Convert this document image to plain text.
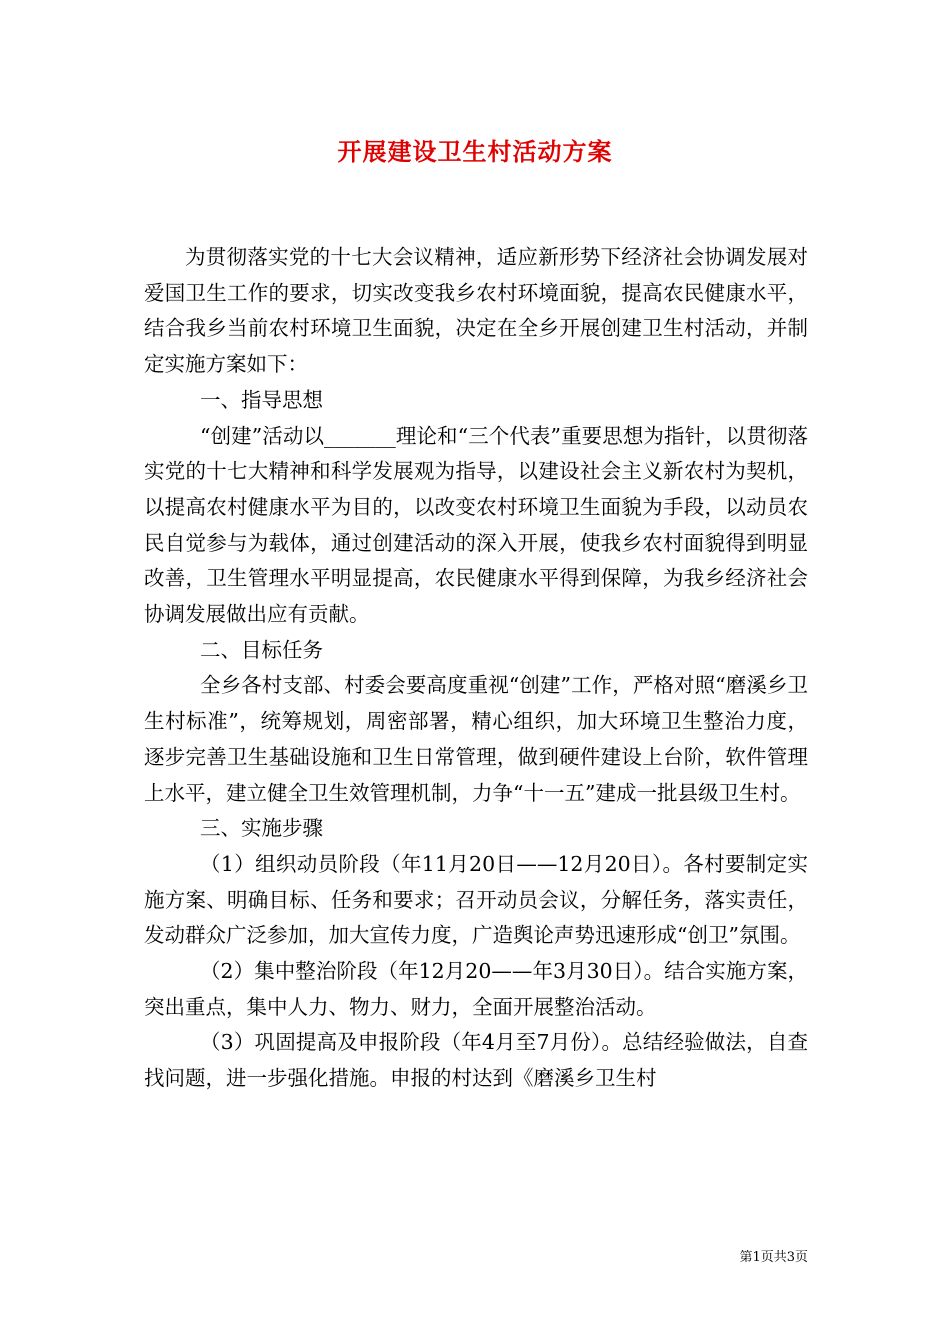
开展建设卫生村活动方案

为贯彻落实党的十七大会议精神，适应新形势下经济社会协调发展对爱国卫生工作的要求，切实改变我乡农村环境面貌，提高农民健康水平，结合我乡当前农村环境卫生面貌，决定在全乡开展创建卫生村活动，并制定实施方案如下：

一、指导思想

“创建”活动以_______理论和“三个代表”重要思想为指针，以贯彻落实党的十七大精神和科学发展观为指导，以建设社会主义新农村为契机，以提高农村健康水平为目的，以改变农村环境卫生面貌为手段，以动员农民自觉参与为载体，通过创建活动的深入开展，使我乡农村面貌得到明显改善，卫生管理水平明显提高，农民健康水平得到保障，为我乡经济社会协调发展做出应有贡献。

二、目标任务

全乡各村支部、村委会要高度重视“创建”工作，严格对照“磨溪乡卫生村标准”，统筹规划，周密部署，精心组织，加大环境卫生整治力度，逐步完善卫生基础设施和卫生日常管理，做到硬件建设上台阶，软件管理上水平，建立健全卫生效管理机制，力争“十一五”建成一批县级卫生村。

三、实施步骤

（1）组织动员阶段（年11月20日——12月20日）。各村要制定实施方案、明确目标、任务和要求；召开动员会议，分解任务，落实责任，发动群众广泛参加，加大宣传力度，广造舆论声势迅速形成“创卫”氛围。

（2）集中整治阶段（年12月20——年3月30日）。结合实施方案，突出重点，集中人力、物力、财力，全面开展整治活动。

（3）巩固提高及申报阶段（年4月至7月份）。总结经验做法，自查找问题，进一步强化措施。申报的村达到《磨溪乡卫生村

第1页共3页
